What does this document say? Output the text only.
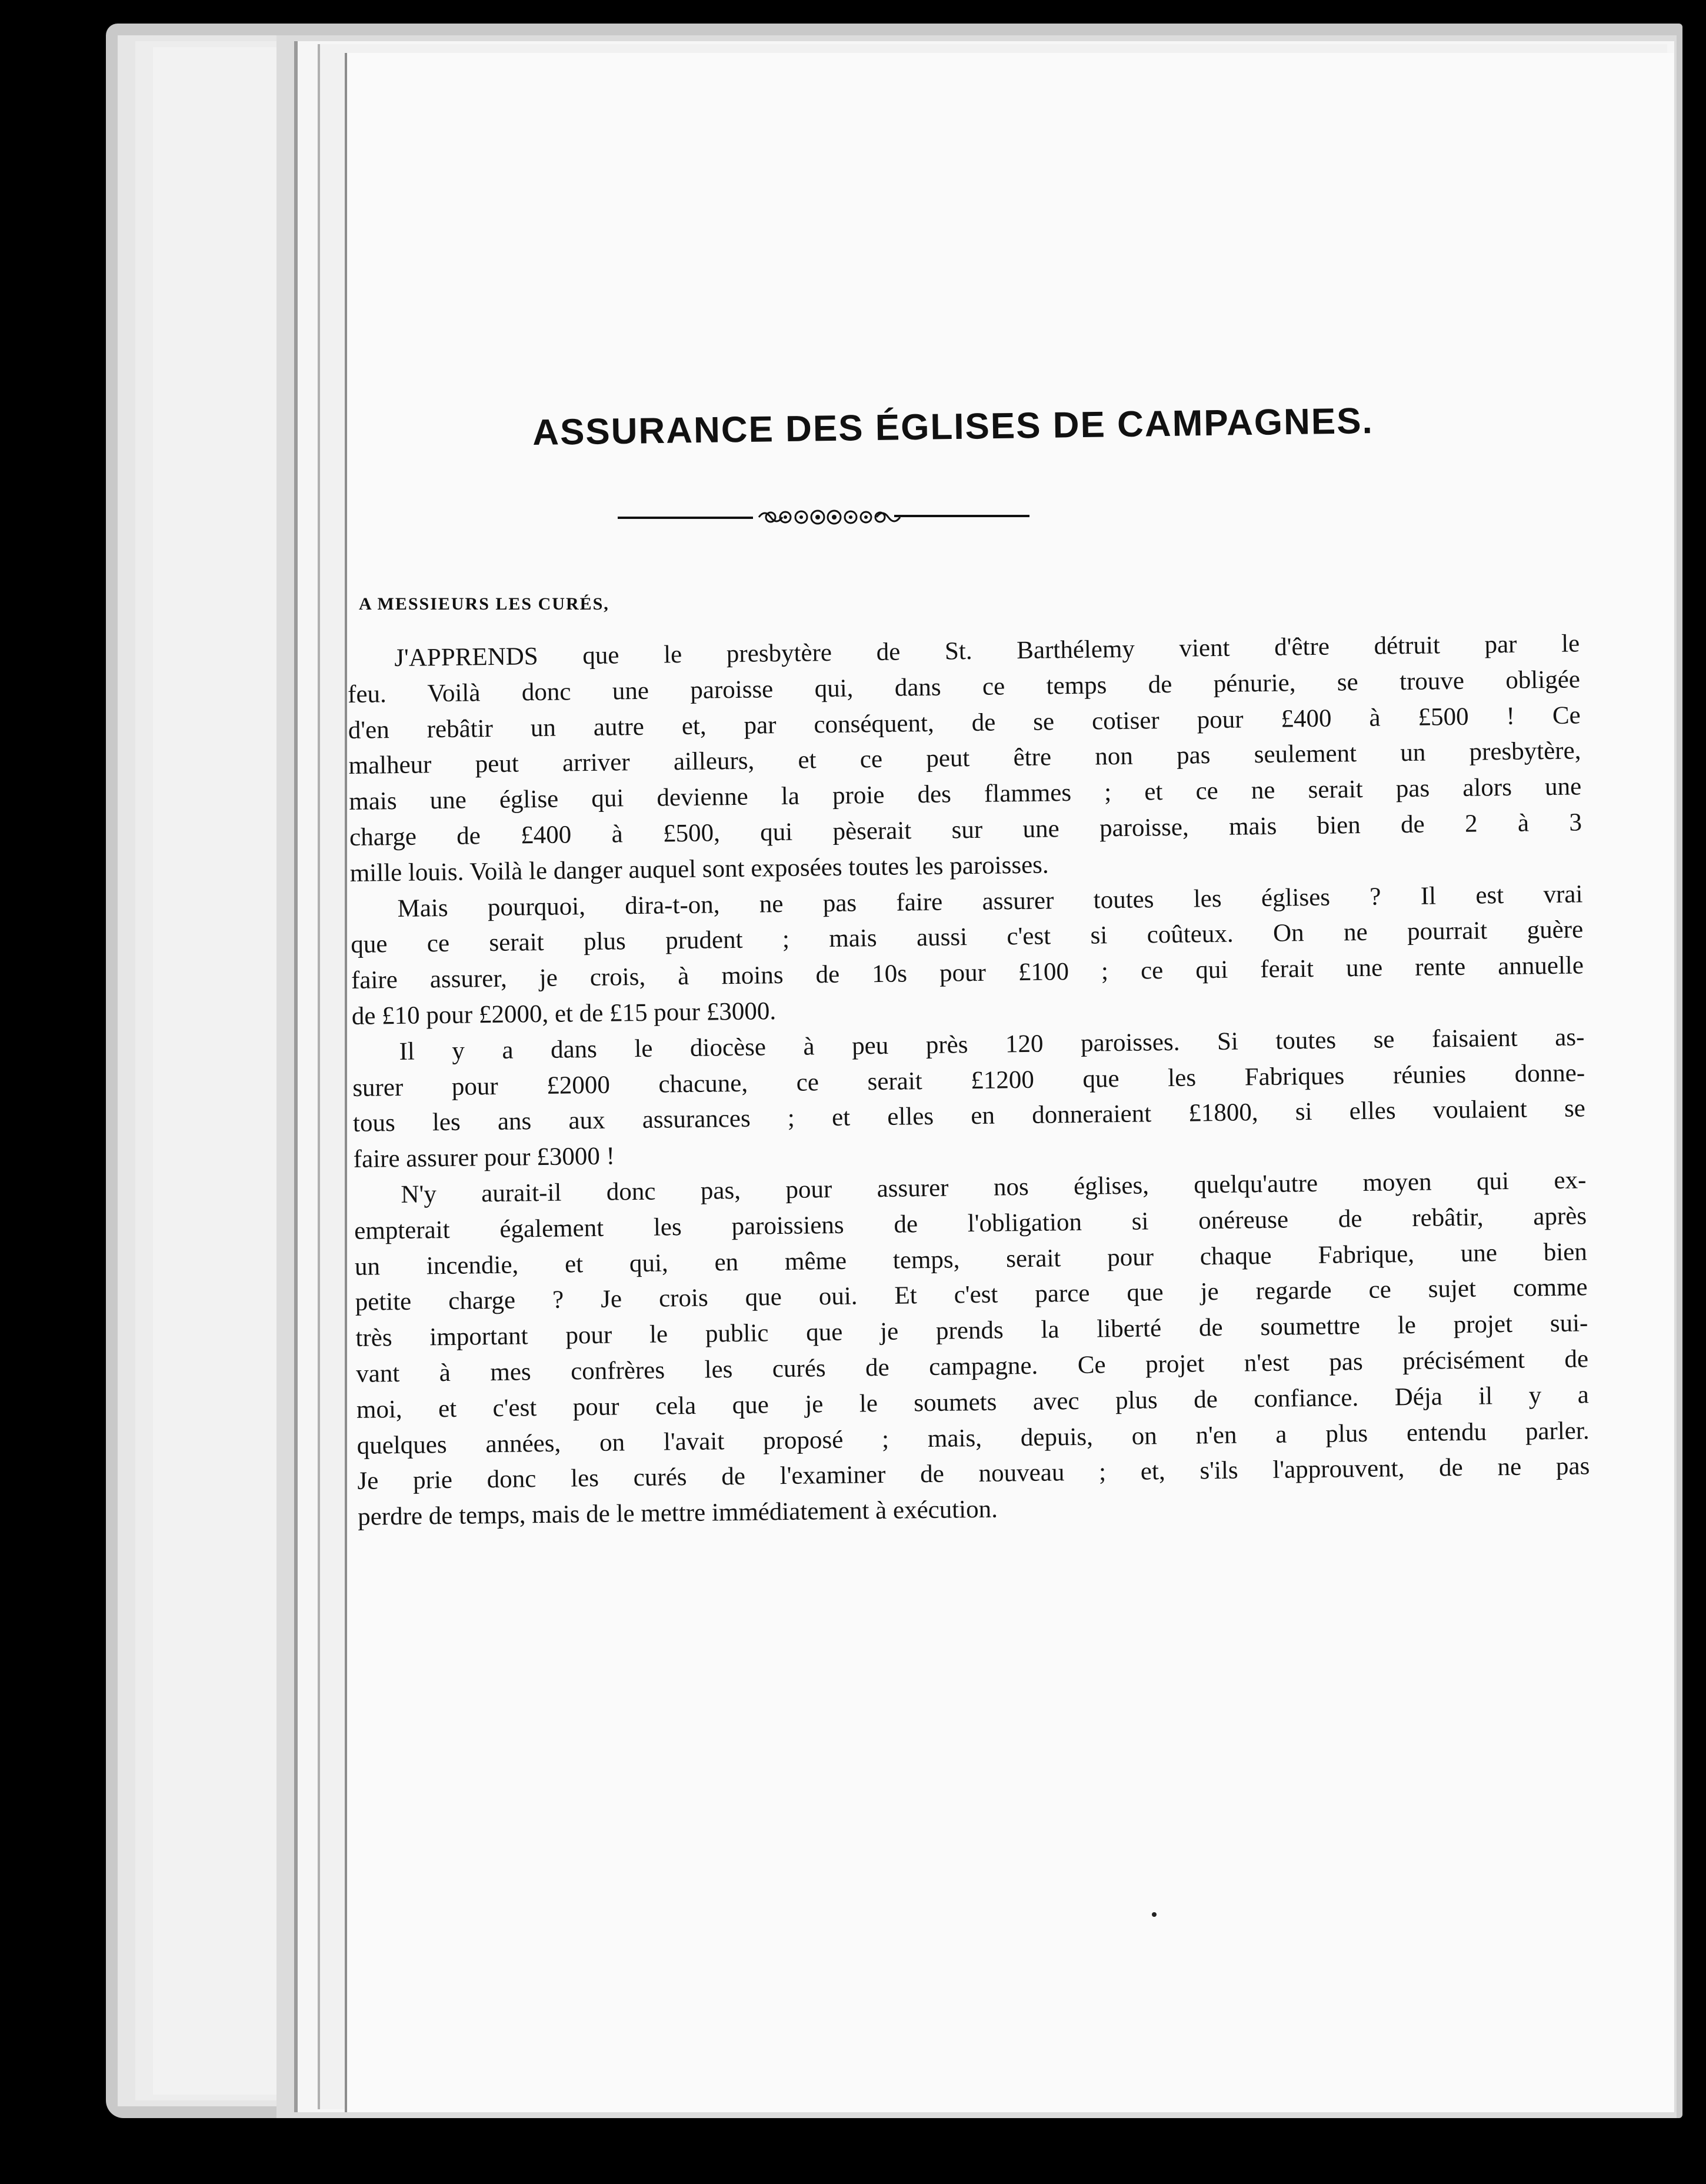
ASSURANCE DES ÉGLISES DE CAMPAGNES.
A MESSIEURS LES CURÉS,
J'APPRENDS que le presbytère de St. Barthélemy vient d'être détruit par le
feu. Voilà donc une paroisse qui, dans ce temps de pénurie, se trouve obligée
d'en rebâtir un autre et, par conséquent, de se cotiser pour £400 à £500 ! Ce
malheur peut arriver ailleurs, et ce peut être non pas seulement un presbytère,
mais une église qui devienne la proie des flammes ; et ce ne serait pas alors une
charge de £400 à £500, qui pèserait sur une paroisse, mais bien de 2 à 3
mille louis. Voilà le danger auquel sont exposées toutes les paroisses.
Mais pourquoi, dira-t-on, ne pas faire assurer toutes les églises ? Il est vrai
que ce serait plus prudent ; mais aussi c'est si coûteux. On ne pourrait guère
faire assurer, je crois, à moins de 10s pour £100 ; ce qui ferait une rente annuelle
de £10 pour £2000, et de £15 pour £3000.
Il y a dans le diocèse à peu près 120 paroisses. Si toutes se faisaient as-
surer pour £2000 chacune, ce serait £1200 que les Fabriques réunies donne-
tous les ans aux assurances ; et elles en donneraient £1800, si elles voulaient se
faire assurer pour £3000 !
N'y aurait-il donc pas, pour assurer nos églises, quelqu'autre moyen qui ex-
empterait également les paroissiens de l'obligation si onéreuse de rebâtir, après
un incendie, et qui, en même temps, serait pour chaque Fabrique, une bien
petite charge ? Je crois que oui. Et c'est parce que je regarde ce sujet comme
très important pour le public que je prends la liberté de soumettre le projet sui-
vant à mes confrères les curés de campagne. Ce projet n'est pas précisément de
moi, et c'est pour cela que je le soumets avec plus de confiance. Déja il y a
quelques années, on l'avait proposé ; mais, depuis, on n'en a plus entendu parler.
Je prie donc les curés de l'examiner de nouveau ; et, s'ils l'approuvent, de ne pas
perdre de temps, mais de le mettre immédiatement à exécution.
